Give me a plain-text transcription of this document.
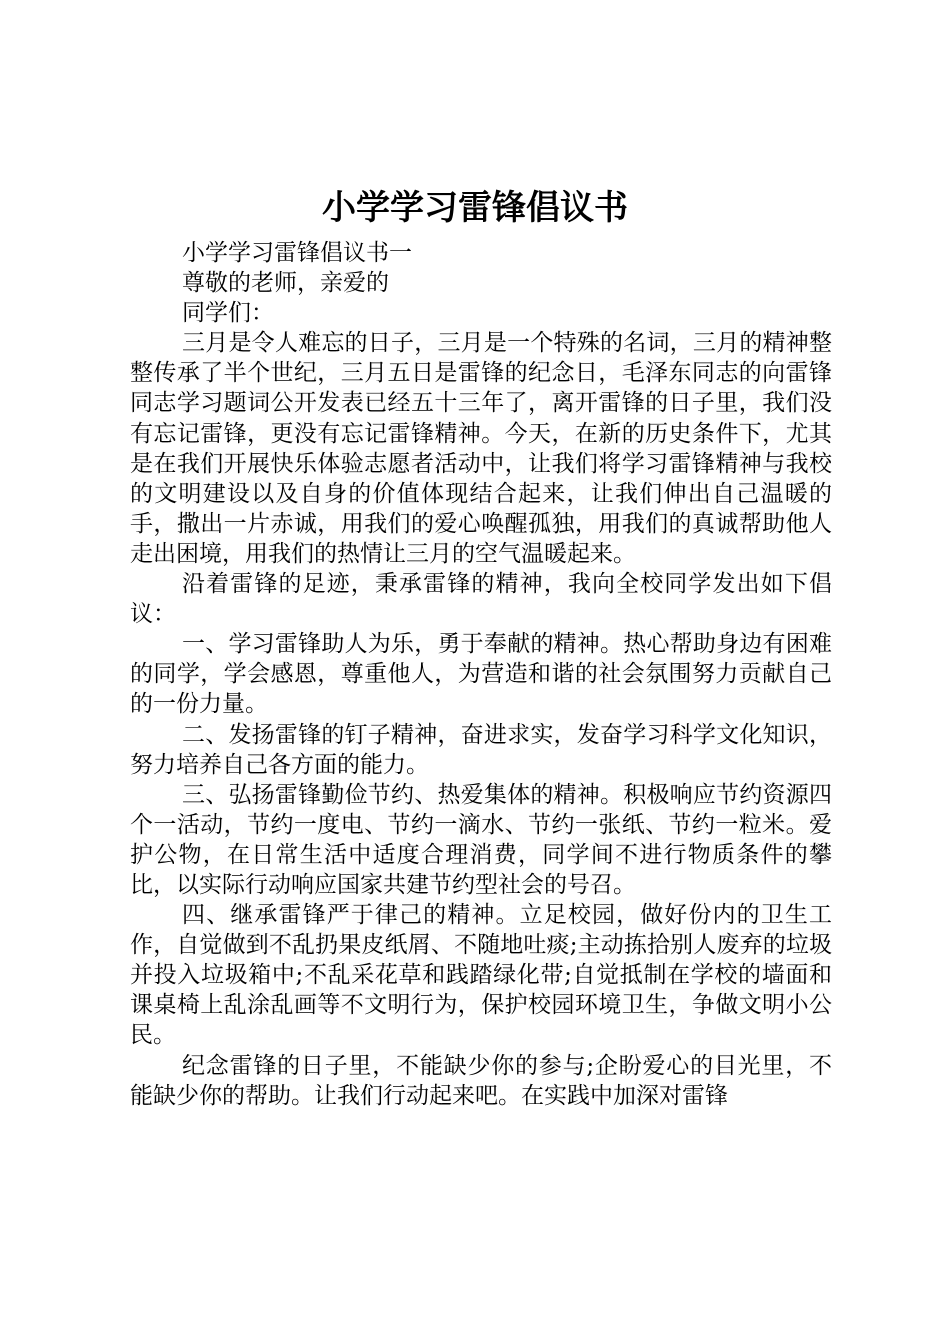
小学学习雷锋倡议书

小学学习雷锋倡议书一

尊敬的老师，亲爱的

同学们：

三月是令人难忘的日子，三月是一个特殊的名词，三月的精神整整传承了半个世纪，三月五日是雷锋的纪念日，毛泽东同志的向雷锋同志学习题词公开发表已经五十三年了，离开雷锋的日子里，我们没有忘记雷锋，更没有忘记雷锋精神。今天，在新的历史条件下，尤其是在我们开展快乐体验志愿者活动中，让我们将学习雷锋精神与我校的文明建设以及自身的价值体现结合起来，让我们伸出自己温暖的手，撒出一片赤诚，用我们的爱心唤醒孤独，用我们的真诚帮助他人走出困境，用我们的热情让三月的空气温暖起来。

沿着雷锋的足迹，秉承雷锋的精神，我向全校同学发出如下倡议：

一、学习雷锋助人为乐，勇于奉献的精神。热心帮助身边有困难的同学，学会感恩，尊重他人，为营造和谐的社会氛围努力贡献自己的一份力量。

二、发扬雷锋的钉子精神，奋进求实，发奋学习科学文化知识，努力培养自己各方面的能力。

三、弘扬雷锋勤俭节约、热爱集体的精神。积极响应节约资源四个一活动，节约一度电、节约一滴水、节约一张纸、节约一粒米。爱护公物，在日常生活中适度合理消费，同学间不进行物质条件的攀比，以实际行动响应国家共建节约型社会的号召。

四、继承雷锋严于律己的精神。立足校园，做好份内的卫生工作，自觉做到不乱扔果皮纸屑、不随地吐痰;主动拣拾别人废弃的垃圾并投入垃圾箱中;不乱采花草和践踏绿化带;自觉抵制在学校的墙面和课桌椅上乱涂乱画等不文明行为，保护校园环境卫生，争做文明小公民。

纪念雷锋的日子里，不能缺少你的参与;企盼爱心的目光里，不能缺少你的帮助。让我们行动起来吧。在实践中加深对雷锋
